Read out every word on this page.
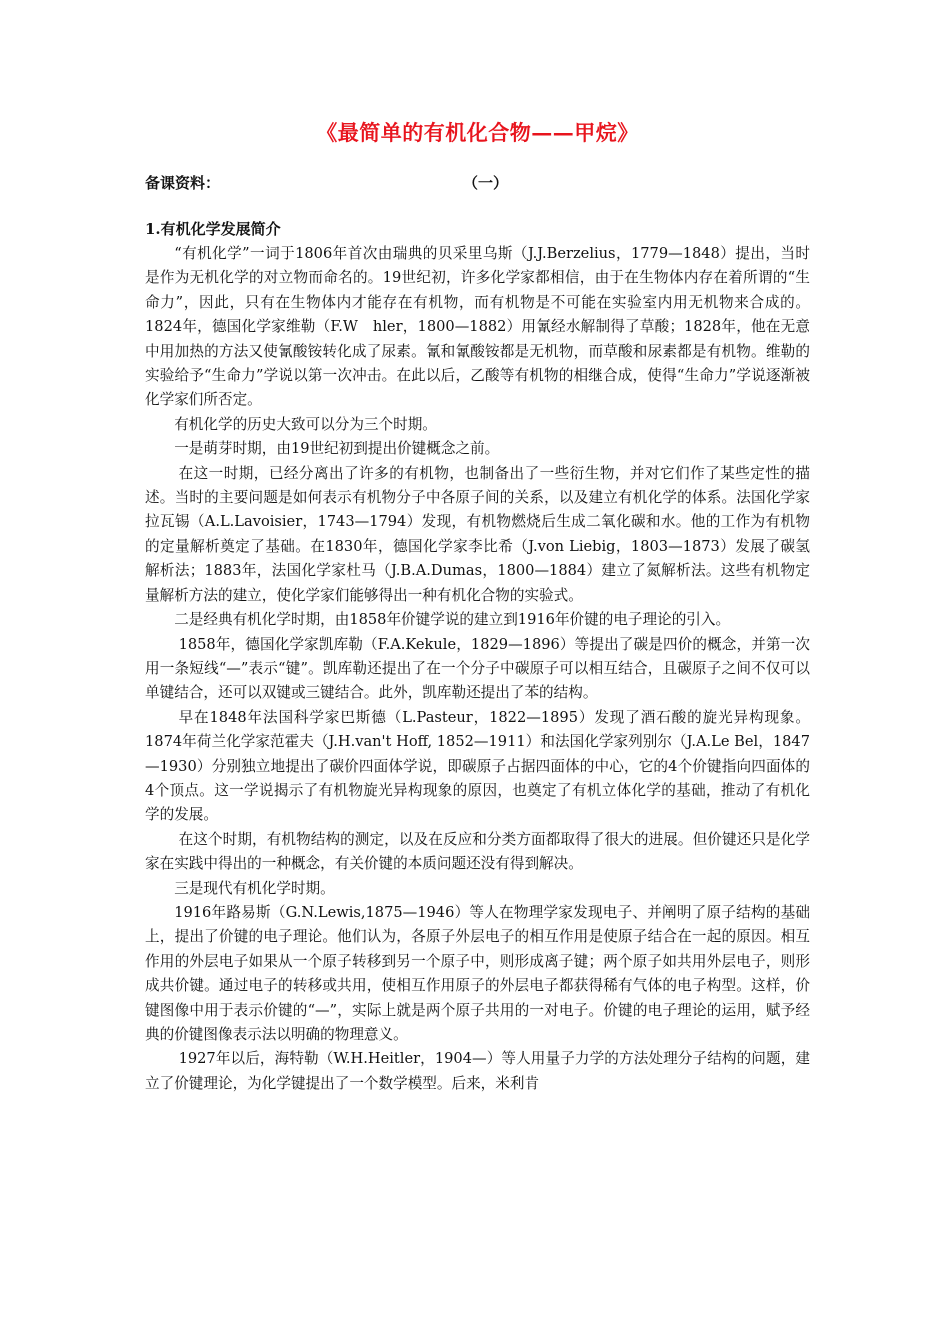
《最简单的有机化合物——甲烷》
备课资料：	（一）
1.有机化学发展简介

“有机化学”一词于1806年首次由瑞典的贝采里乌斯（J.J.Berzelius，1779—1848）提出，当时是作为无机化学的对立物而命名的。19世纪初，许多化学家都相信，由于在生物体内存在着所谓的“生命力”，因此，只有在生物体内才能存在有机物，而有机物是不可能在实验室内用无机物来合成的。1824年，德国化学家维勒（F.W　hler，1800—1882）用氰经水解制得了草酸；1828年，他在无意中用加热的方法又使氰酸铵转化成了尿素。氰和氰酸铵都是无机物，而草酸和尿素都是有机物。维勒的实验给予“生命力”学说以第一次冲击。在此以后，乙酸等有机物的相继合成，使得“生命力”学说逐渐被化学家们所否定。

有机化学的历史大致可以分为三个时期。

一是萌芽时期，由19世纪初到提出价键概念之前。

在这一时期，已经分离出了许多的有机物，也制备出了一些衍生物，并对它们作了某些定性的描述。当时的主要问题是如何表示有机物分子中各原子间的关系，以及建立有机化学的体系。法国化学家拉瓦锡（A.L.Lavoisier，1743—1794）发现，有机物燃烧后生成二氧化碳和水。他的工作为有机物的定量解析奠定了基础。在1830年，德国化学家李比希（J.von Liebig，1803—1873）发展了碳氢解析法；1883年，法国化学家杜马（J.B.A.Dumas，1800—1884）建立了氮解析法。这些有机物定量解析方法的建立，使化学家们能够得出一种有机化合物的实验式。

二是经典有机化学时期，由1858年价键学说的建立到1916年价键的电子理论的引入。

1858年，德国化学家凯库勒（F.A.Kekule，1829—1896）等提出了碳是四价的概念，并第一次用一条短线“—”表示“键”。凯库勒还提出了在一个分子中碳原子可以相互结合，且碳原子之间不仅可以单键结合，还可以双键或三键结合。此外，凯库勒还提出了苯的结构。

早在1848年法国科学家巴斯德（L.Pasteur，1822—1895）发现了酒石酸的旋光异构现象。1874年荷兰化学家范霍夫（J.H.van't Hoff, 1852—1911）和法国化学家列别尔（J.A.Le Bel，1847—1930）分别独立地提出了碳价四面体学说，即碳原子占据四面体的中心，它的4个价键指向四面体的4个顶点。这一学说揭示了有机物旋光异构现象的原因，也奠定了有机立体化学的基础，推动了有机化学的发展。

在这个时期，有机物结构的测定，以及在反应和分类方面都取得了很大的进展。但价键还只是化学家在实践中得出的一种概念，有关价键的本质问题还没有得到解决。

三是现代有机化学时期。

1916年路易斯（G.N.Lewis,1875—1946）等人在物理学家发现电子、并阐明了原子结构的基础上，提出了价键的电子理论。他们认为，各原子外层电子的相互作用是使原子结合在一起的原因。相互作用的外层电子如果从一个原子转移到另一个原子中，则形成离子键；两个原子如共用外层电子，则形成共价键。通过电子的转移或共用，使相互作用原子的外层电子都获得稀有气体的电子构型。这样，价键图像中用于表示价键的“—”，实际上就是两个原子共用的一对电子。价键的电子理论的运用，赋予经典的价键图像表示法以明确的物理意义。

1927年以后，海特勒（W.H.Heitler，1904—）等人用量子力学的方法处理分子结构的问题，建立了价键理论，为化学键提出了一个数学模型。后来，米利肯
